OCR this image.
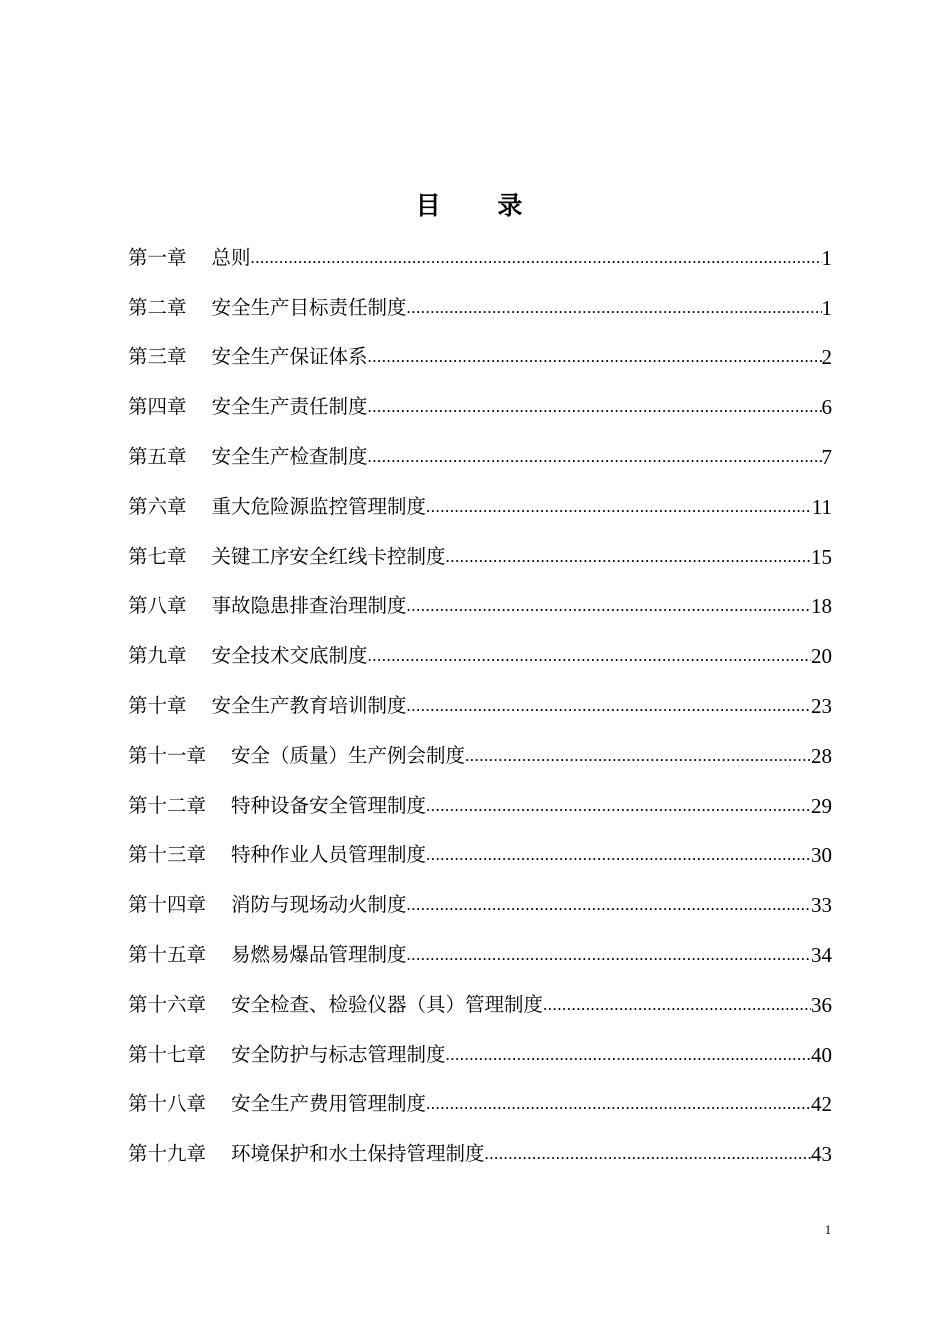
目 录
第一章 总则 .....	1
第二章 安全生产目标责任制度 .....	1
第三章 安全生产保证体系 .....	2
第四章 安全生产责任制度 .....	6
第五章 安全生产检查制度 .....	7
第六章 重大危险源监控管理制度 .....	11
第七章 关键工序安全红线卡控制度 .....	15
第八章 事故隐患排查治理制度 .....	18
第九章 安全技术交底制度 .....	20
第十章 安全生产教育培训制度 .....	23
第十一章 安全（质量）生产例会制度 .....	28
第十二章 特种设备安全管理制度 .....	29
第十三章 特种作业人员管理制度 .....	30
第十四章 消防与现场动火制度 .....	33
第十五章 易燃易爆品管理制度 .....	34
第十六章 安全检查、检验仪器（具）管理制度 .....	36
第十七章 安全防护与标志管理制度 .....	40
第十八章 安全生产费用管理制度 .....	42
第十九章 环境保护和水土保持管理制度 .....	43
1
